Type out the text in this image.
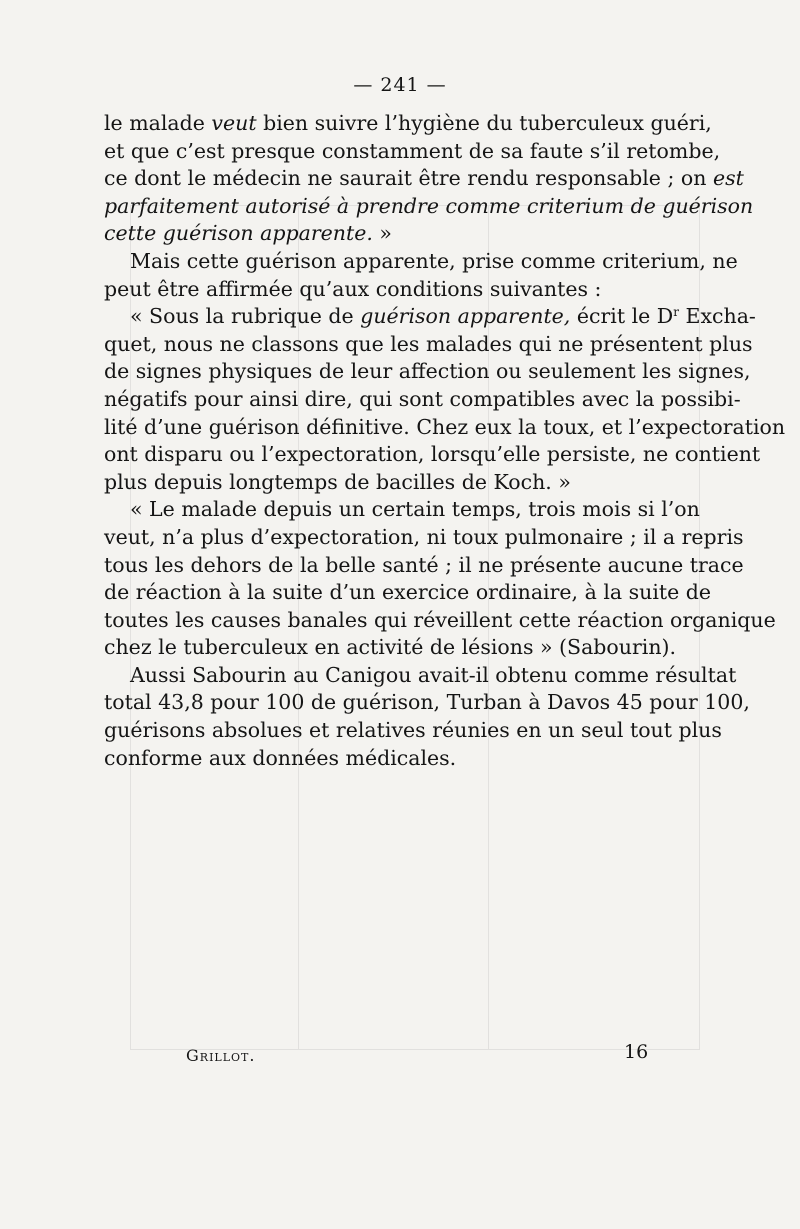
— 241 —
le malade veut bien suivre l’hygiène du tuberculeux guéri,
et que c’est presque constamment de sa faute s’il retombe,
ce dont le médecin ne saurait être rendu responsable ; on est
parfaitement autorisé à prendre comme criterium de guérison
cette guérison apparente. »
Mais cette guérison apparente, prise comme criterium, ne
peut être affirmée qu’aux conditions suivantes :
« Sous la rubrique de guérison apparente, écrit le $D^r$ Excha-
quet, nous ne classons que les malades qui ne présentent plus
de signes physiques de leur affection ou seulement les signes,
négatifs pour ainsi dire, qui sont compatibles avec la possibi-
lité d’une guérison définitive. Chez eux la toux, et l’expectoration
ont disparu ou l’expectoration, lorsqu’elle persiste, ne contient
plus depuis longtemps de bacilles de Koch. »
« Le malade depuis un certain temps, trois mois si l’on
veut, n’a plus d’expectoration, ni toux pulmonaire ; il a repris
tous les dehors de la belle santé ; il ne présente aucune trace
de réaction à la suite d’un exercice ordinaire, à la suite de
toutes les causes banales qui réveillent cette réaction organique
chez le tuberculeux en activité de lésions » (Sabourin).
Aussi Sabourin au Canigou avait-il obtenu comme résultat
total 43,8 pour 100 de guérison, Turban à Davos 45 pour 100,
guérisons absolues et relatives réunies en un seul tout plus
conforme aux données médicales.
Grillot.	16
